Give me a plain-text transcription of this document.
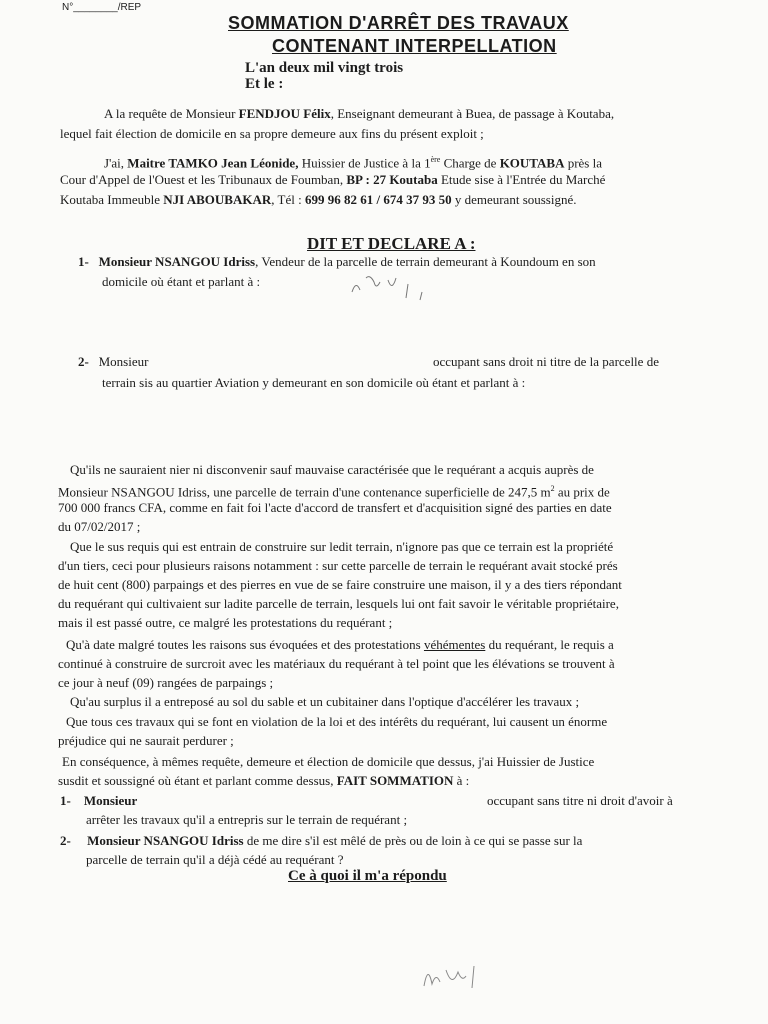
N°________/REP
SOMMATION D'ARRÊT DES TRAVAUX
CONTENANT INTERPELLATION
L'an deux mil vingt trois
Et le :
A la requête de Monsieur FENDJOU Félix, Enseignant demeurant à Buea, de passage à Koutaba,
lequel fait élection de domicile en sa propre demeure aux fins du présent exploit ;
J'ai, Maitre TAMKO Jean Léonide, Huissier de Justice à la 1ère Charge de KOUTABA près la
Cour d'Appel de l'Ouest et les Tribunaux de Foumban, BP : 27 Koutaba Etude sise à l'Entrée du Marché
Koutaba Immeuble NJI ABOUBAKAR, Tél : 699 96 82 61 / 674 37 93 50 y demeurant soussigné.
DIT ET DECLARE A :
1- Monsieur NSANGOU Idriss, Vendeur de la parcelle de terrain demeurant à Koundoum en son
domicile où étant et parlant à :
2- Monsieur	occupant sans droit ni titre de la parcelle de
terrain sis au quartier Aviation y demeurant en son domicile où étant et parlant à :
Qu'ils ne sauraient nier ni disconvenir sauf mauvaise caractérisée que le requérant a acquis auprès de
Monsieur NSANGOU Idriss, une parcelle de terrain d'une contenance superficielle de 247,5 $m^2$ au prix de
700 000 francs CFA, comme en fait foi l'acte d'accord de transfert et d'acquisition signé des parties en date
du 07/02/2017 ;
Que le sus requis qui est entrain de construire sur ledit terrain, n'ignore pas que ce terrain est la propriété
d'un tiers, ceci pour plusieurs raisons notamment : sur cette parcelle de terrain le requérant avait stocké prés
de huit cent (800) parpaings et des pierres en vue de se faire construire une maison, il y a des tiers répondant
du requérant qui cultivaient sur ladite parcelle de terrain, lesquels lui ont fait savoir le véritable propriétaire,
mais il est passé outre, ce malgré les protestations du requérant ;
Qu'à date malgré toutes les raisons sus évoquées et des protestations véhémentes du requérant, le requis a
continué à construire de surcroit avec les matériaux du requérant à tel point que les élévations se trouvent à
ce jour à neuf (09) rangées de parpaings ;
Qu'au surplus il a entreposé au sol du sable et un cubitainer dans l'optique d'accélérer les travaux ;
Que tous ces travaux qui se font en violation de la loi et des intérêts du requérant, lui causent un énorme
préjudice qui ne saurait perdurer ;
En conséquence, à mêmes requête, demeure et élection de domicile que dessus, j'ai Huissier de Justice
susdit et soussigné où étant et parlant comme dessus, FAIT SOMMATION à :
1- Monsieur	occupant sans titre ni droit d'avoir à
arrêter les travaux qu'il a entrepris sur le terrain de requérant ;
2- Monsieur NSANGOU Idriss de me dire s'il est mêlé de près ou de loin à ce qui se passe sur la
parcelle de terrain qu'il a déjà cédé au requérant ?
Ce à quoi il m'a répondu
